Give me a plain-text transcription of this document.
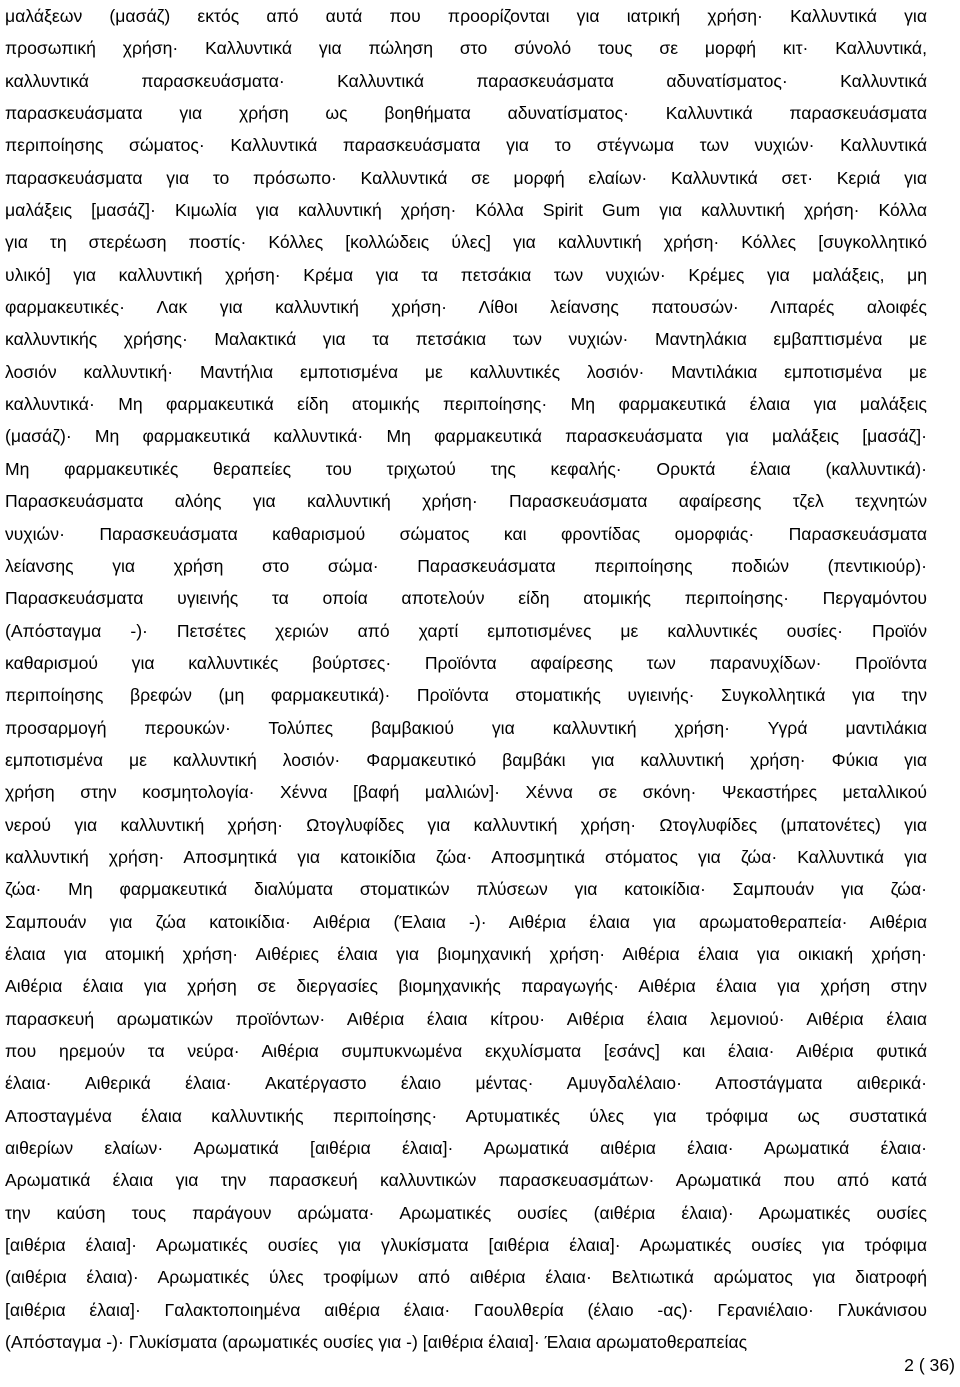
μαλάξεων (μασάζ) εκτός από αυτά που προορίζονται για ιατρική χρήση· Καλλυντικά για
προσωπική χρήση· Καλλυντικά για πώληση στο σύνολό τους σε μορφή κιτ· Καλλυντικά,
καλλυντικά παρασκευάσματα· Καλλυντικά παρασκευάσματα αδυνατίσματος· Καλλυντικά
παρασκευάσματα για χρήση ως βοηθήματα αδυνατίσματος· Καλλυντικά παρασκευάσματα
περιποίησης σώματος· Καλλυντικά παρασκευάσματα για το στέγνωμα των νυχιών· Καλλυντικά
παρασκευάσματα για το πρόσωπο· Καλλυντικά σε μορφή ελαίων· Καλλυντικά σετ· Κεριά για
μαλάξεις [μασάζ]· Κιμωλία για καλλυντική χρήση· Κόλλα Spirit Gum για καλλυντική χρήση· Κόλλα
για τη στερέωση ποστίς· Κόλλες [κολλώδεις ύλες] για καλλυντική χρήση· Κόλλες [συγκολλητικό
υλικό] για καλλυντική χρήση· Κρέμα για τα πετσάκια των νυχιών· Κρέμες για μαλάξεις, μη
φαρμακευτικές· Λακ για καλλυντική χρήση· Λίθοι λείανσης πατουσών· Λιπαρές αλοιφές
καλλυντικής χρήσης· Μαλακτικά για τα πετσάκια των νυχιών· Μαντηλάκια εμβαπτισμένα με
λοσιόν καλλυντική· Μαντήλια εμποτισμένα με καλλυντικές λοσιόν· Μαντιλάκια εμποτισμένα με
καλλυντικά· Μη φαρμακευτικά είδη ατομικής περιποίησης· Μη φαρμακευτικά έλαια για μαλάξεις
(μασάζ)· Μη φαρμακευτικά καλλυντικά· Μη φαρμακευτικά παρασκευάσματα για μαλάξεις [μασάζ]·
Μη φαρμακευτικές θεραπείες του τριχωτού της κεφαλής· Ορυκτά έλαια (καλλυντικά)·
Παρασκευάσματα αλόης για καλλυντική χρήση· Παρασκευάσματα αφαίρεσης τζελ τεχνητών
νυχιών· Παρασκευάσματα καθαρισμού σώματος και φροντίδας ομορφιάς· Παρασκευάσματα
λείανσης για χρήση στο σώμα· Παρασκευάσματα περιποίησης ποδιών (πεντικιούρ)·
Παρασκευάσματα υγιεινής τα οποία αποτελούν είδη ατομικής περιποίησης· Περγαμόντου
(Απόσταγμα -)· Πετσέτες χεριών από χαρτί εμποτισμένες με καλλυντικές ουσίες· Προϊόν
καθαρισμού για καλλυντικές βούρτσες· Προϊόντα αφαίρεσης των παρανυχίδων· Προϊόντα
περιποίησης βρεφών (μη φαρμακευτικά)· Προϊόντα στοματικής υγιεινής· Συγκολλητικά για την
προσαρμογή περουκών· Τολύπες βαμβακιού για καλλυντική χρήση· Υγρά μαντιλάκια
εμποτισμένα με καλλυντική λοσιόν· Φαρμακευτικό βαμβάκι για καλλυντική χρήση· Φύκια για
χρήση στην κοσμητολογία· Χέννα [βαφή μαλλιών]· Χέννα σε σκόνη· Ψεκαστήρες μεταλλικού
νερού για καλλυντική χρήση· Ωτογλυφίδες για καλλυντική χρήση· Ωτογλυφίδες (μπατονέτες) για
καλλυντική χρήση· Αποσμητικά για κατοικίδια ζώα· Αποσμητικά στόματος για ζώα· Καλλυντικά για
ζώα· Μη φαρμακευτικά διαλύματα στοματικών πλύσεων για κατοικίδια· Σαμπουάν για ζώα·
Σαμπουάν για ζώα κατοικίδια· Αιθέρια (Έλαια -)· Αιθέρια έλαια για αρωματοθεραπεία· Αιθέρια
έλαια για ατομική χρήση· Αιθέριες έλαια για βιομηχανική χρήση· Αιθέρια έλαια για οικιακή χρήση·
Αιθέρια έλαια για χρήση σε διεργασίες βιομηχανικής παραγωγής· Αιθέρια έλαια για χρήση στην
παρασκευή αρωματικών προϊόντων· Αιθέρια έλαια κίτρου· Αιθέρια έλαια λεμονιού· Αιθέρια έλαια
που ηρεμούν τα νεύρα· Αιθέρια συμπυκνωμένα εκχυλίσματα [εσάνς] και έλαια· Αιθέρια φυτικά
έλαια· Αιθερικά έλαια· Ακατέργαστο έλαιο μέντας· Αμυγδαλέλαιο· Αποστάγματα αιθερικά·
Αποσταγμένα έλαια καλλυντικής περιποίησης· Αρτυματικές ύλες για τρόφιμα ως συστατικά
αιθερίων ελαίων· Αρωματικά [αιθέρια έλαια]· Αρωματικά αιθέρια έλαια· Αρωματικά έλαια·
Αρωματικά έλαια για την παρασκευή καλλυντικών παρασκευασμάτων· Αρωματικά που από κατά
την καύση τους παράγουν αρώματα· Αρωματικές ουσίες (αιθέρια έλαια)· Αρωματικές ουσίες
[αιθέρια έλαια]· Αρωματικές ουσίες για γλυκίσματα [αιθέρια έλαια]· Αρωματικές ουσίες για τρόφιμα
(αιθέρια έλαια)· Αρωματικές ύλες τροφίμων από αιθέρια έλαια· Βελτιωτικά αρώματος για διατροφή
[αιθέρια έλαια]· Γαλακτοποιημένα αιθέρια έλαια· Γαουλθερία (έλαιο -ας)· Γερανιέλαιο· Γλυκάνισου
(Απόσταγμα -)· Γλυκίσματα (αρωματικές ουσίες για -) [αιθέρια έλαια]· Έλαια αρωματοθεραπείας
2 ( 36)
